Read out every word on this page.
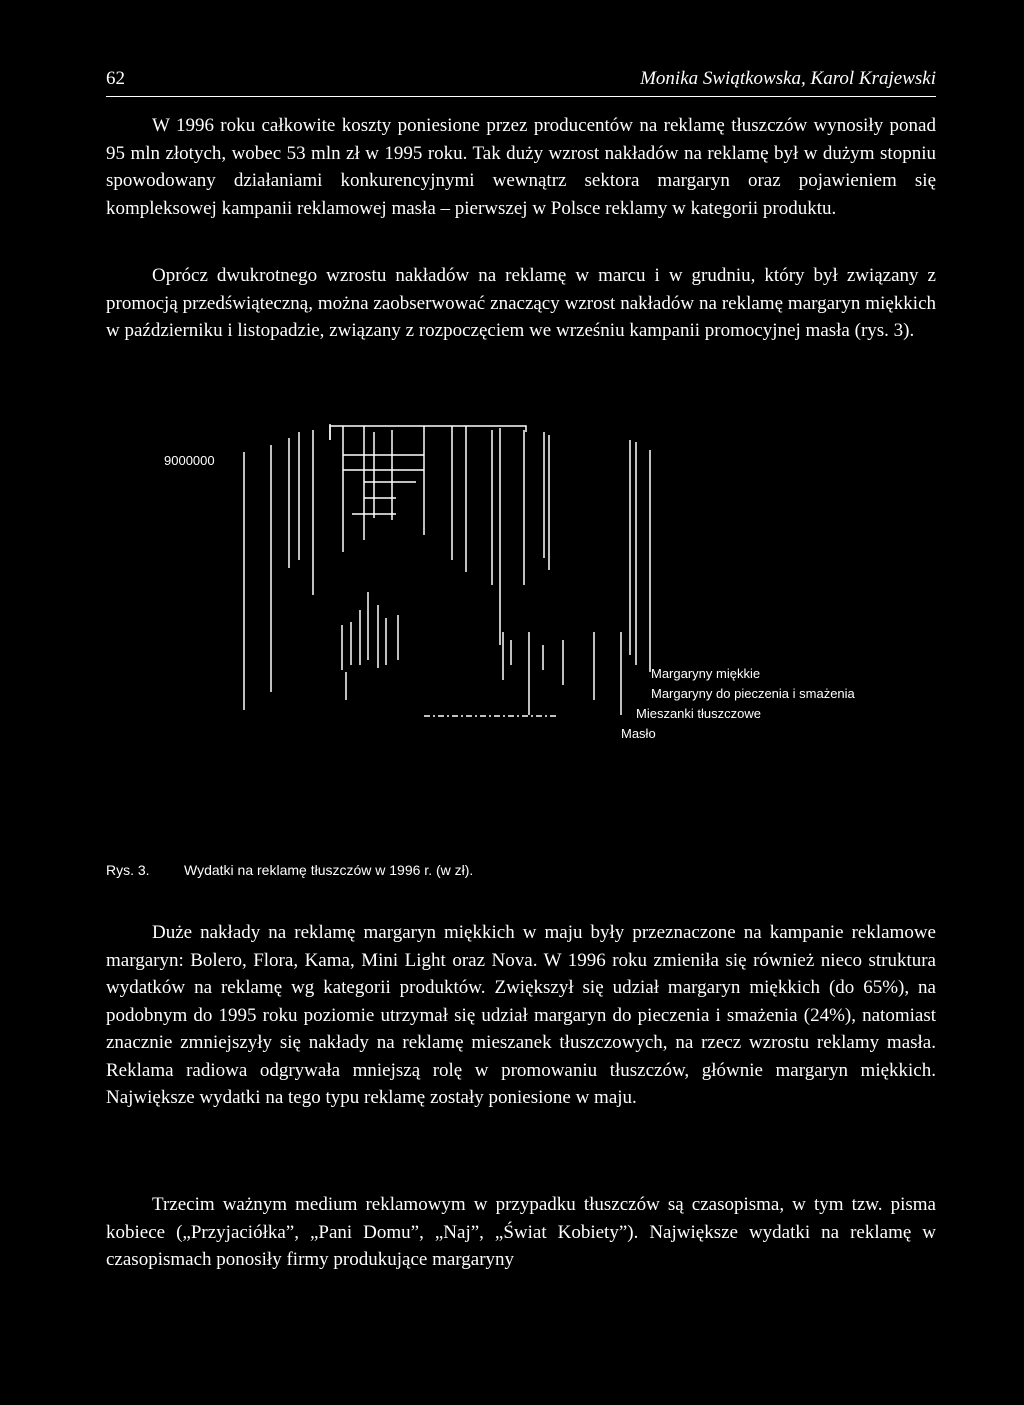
62	Monika Swiątkowska, Karol Krajewski

W 1996 roku całkowite koszty poniesione przez producentów na reklamę tłuszczów wynosiły ponad 95 mln złotych, wobec 53 mln zł w 1995 roku. Tak duży wzrost nakładów na reklamę był w dużym stopniu spowodowany działaniami konkurencyjnymi wewnątrz sektora margaryn oraz pojawieniem się kompleksowej kampanii reklamowej masła – pierwszej w Polsce reklamy w kategorii produktu.

Oprócz dwukrotnego wzrostu nakładów na reklamę w marcu i w grudniu, który był związany z promocją przedświąteczną, można zaobserwować znaczący wzrost nakładów na reklamę margaryn miękkich w październiku i listopadzie, związany z rozpoczęciem we wrześniu kampanii promocyjnej masła (rys. 3).

9000000
Margaryny miękkie
Margaryny do pieczenia i smażenia
Mieszanki tłuszczowe
Masło
Rys. 3. Wydatki na reklamę tłuszczów w 1996 r. (w zł).

Duże nakłady na reklamę margaryn miękkich w maju były przeznaczone na kampanie reklamowe margaryn: Bolero, Flora, Kama, Mini Light oraz Nova. W 1996 roku zmieniła się również nieco struktura wydatków na reklamę wg kategorii produktów. Zwiększył się udział margaryn miękkich (do 65%), na podobnym do 1995 roku poziomie utrzymał się udział margaryn do pieczenia i smażenia (24%), natomiast znacznie zmniejszyły się nakłady na reklamę mieszanek tłuszczowych, na rzecz wzrostu reklamy masła. Reklama radiowa odgrywała mniejszą rolę w promowaniu tłuszczów, głównie margaryn miękkich. Największe wydatki na tego typu reklamę zostały poniesione w maju.

Trzecim ważnym medium reklamowym w przypadku tłuszczów są czasopisma, w tym tzw. pisma kobiece („Przyjaciółka”, „Pani Domu”, „Naj”, „Świat Kobiety”). Największe wydatki na reklamę w czasopismach ponosiły firmy produkujące margaryny
